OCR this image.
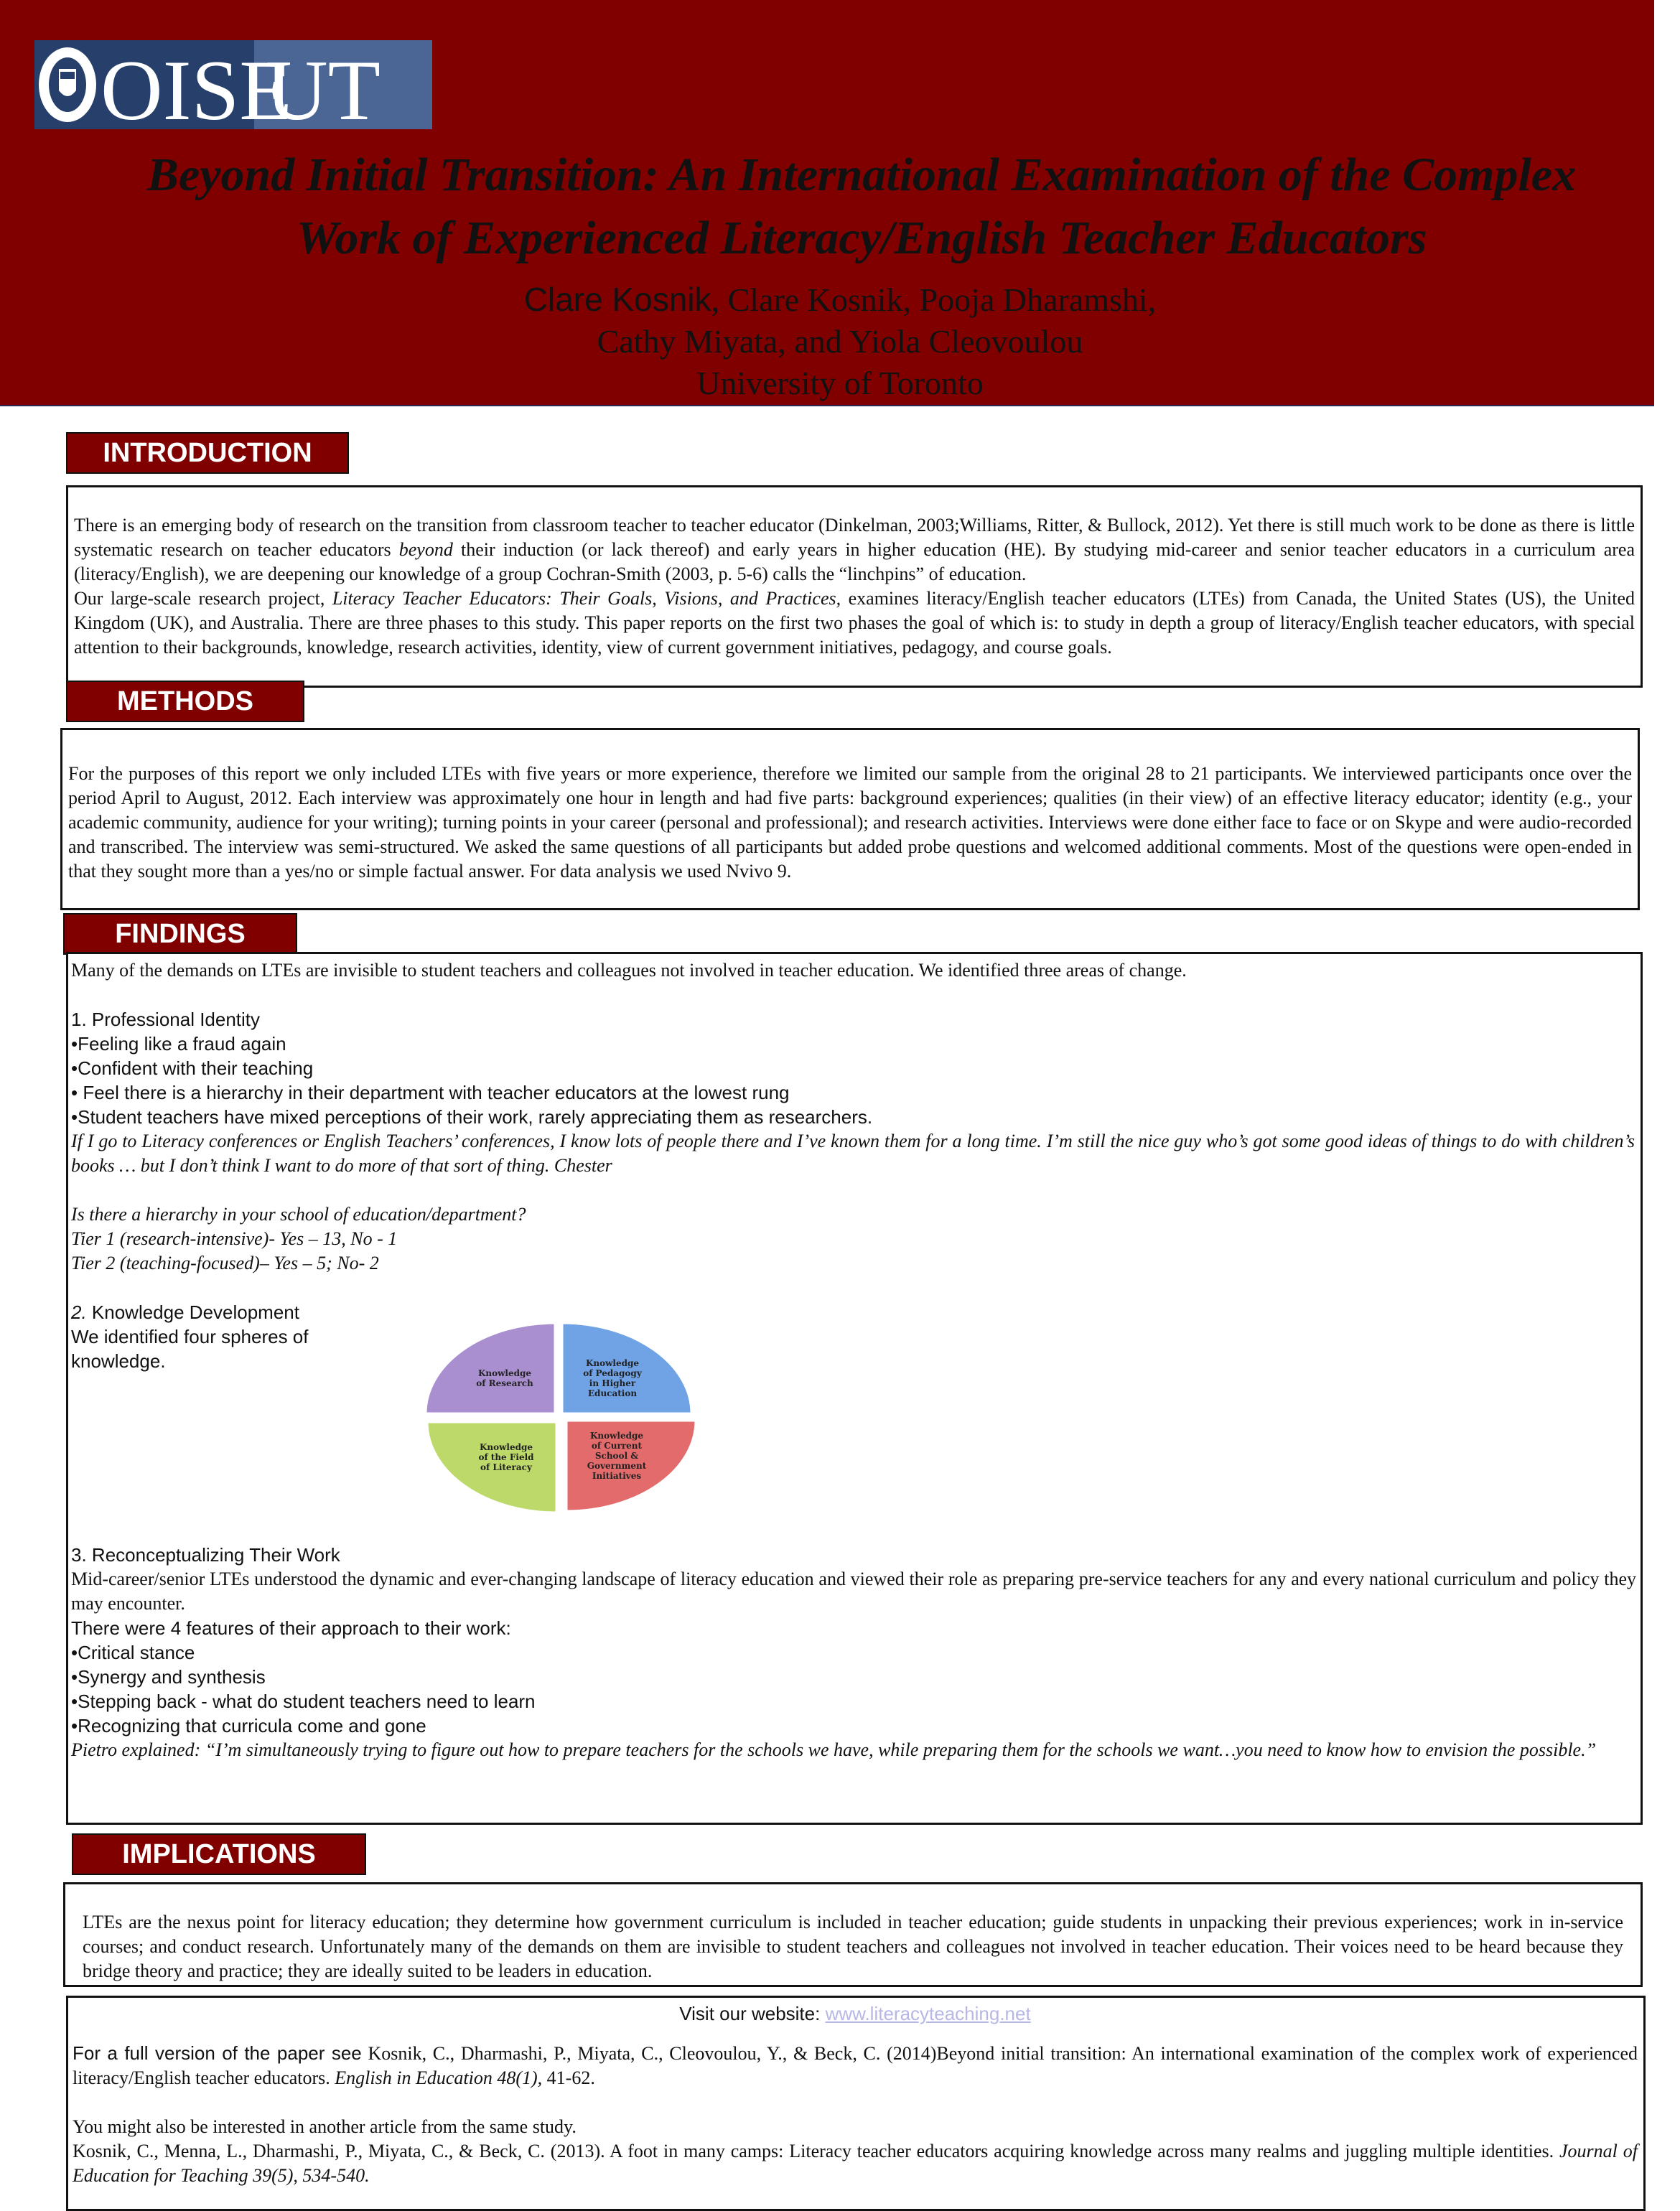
OISE
UT
Beyond Initial Transition: An International Examination of the Complex
Work of Experienced Literacy/English Teacher Educators
Clare Kosnik, Clare Kosnik, Pooja Dharamshi,
Cathy Miyata, and Yiola Cleovoulou
University of Toronto
INTRODUCTION

There is an emerging body of research on the transition from classroom teacher to teacher educator (Dinkelman, 2003;Williams, Ritter, & Bullock, 2012). Yet there is still much work to be done as there is little systematic research on teacher educators beyond their induction (or lack thereof) and early years in higher education (HE). By studying mid-career and senior teacher educators in a curriculum area (literacy/English), we are deepening our knowledge of a group Cochran-Smith (2003, p. 5-6) calls the “linchpins” of education.

Our large-scale research project, Literacy Teacher Educators: Their Goals, Visions, and Practices, examines literacy/English teacher educators (LTEs) from Canada, the United States (US), the United Kingdom (UK), and Australia. There are three phases to this study. This paper reports on the first two phases the goal of which is: to study in depth a group of literacy/English teacher educators, with special attention to their backgrounds, knowledge, research activities, identity, view of current government initiatives, pedagogy, and course goals.

METHODS

For the purposes of this report we only included LTEs with five years or more experience, therefore we limited our sample from the original 28 to 21 participants. We interviewed participants once over the period April to August, 2012. Each interview was approximately one hour in length and had five parts: background experiences; qualities (in their view) of an effective literacy educator; identity (e.g., your academic community, audience for your writing); turning points in your career (personal and professional); and research activities. Interviews were done either face to face or on Skype and were audio-recorded and transcribed. The interview was semi-structured. We asked the same questions of all participants but added probe questions and welcomed additional comments. Most of the questions were open-ended in that they sought more than a yes/no or simple factual answer. For data analysis we used Nvivo 9.

FINDINGS

Many of the demands on LTEs are invisible to student teachers and colleagues not involved in teacher education. We identified three areas of change.

1. Professional Identity

•Feeling like a fraud again

•Confident with their teaching

• Feel there is a hierarchy in their department with teacher educators at the lowest rung

•Student teachers have mixed perceptions of their work, rarely appreciating them as researchers.

If I go to Literacy conferences or English Teachers’ conferences, I know lots of people there and I’ve known them for a long time. I’m still the nice guy who’s got some good ideas of things to do with children’s books … but I don’t think I want to do more of that sort of thing. Chester

Is there a hierarchy in your school of education/department?

Tier 1 (research-intensive)- Yes – 13, No - 1

Tier 2 (teaching-focused)– Yes – 5; No- 2

2. Knowledge Development

We identified four spheres of knowledge.	Knowledge of Pedagogy in Higher Education
Knowledge of Current School & Government Initiatives
Knowledge of the Field of Literacy
Knowledge of Research

3. Reconceptualizing Their Work

Mid-career/senior LTEs understood the dynamic and ever-changing landscape of literacy education and viewed their role as preparing pre-service teachers for any and every national curriculum and policy they may encounter.

There were 4 features of their approach to their work:

•Critical stance

•Synergy and synthesis

•Stepping back - what do student teachers need to learn

•Recognizing that curricula come and gone

Pietro explained: “I’m simultaneously trying to figure out how to prepare teachers for the schools we have, while preparing them for the schools we want…you need to know how to envision the possible.”

IMPLICATIONS

LTEs are the nexus point for literacy education; they determine how government curriculum is included in teacher education; guide students in unpacking their previous experiences; work in in-service courses; and conduct research. Unfortunately many of the demands on them are invisible to student teachers and colleagues not involved in teacher education. Their voices need to be heard because they bridge theory and practice; they are ideally suited to be leaders in education.

Visit our website: www.literacyteaching.net

For a full version of the paper see Kosnik, C., Dharmashi, P., Miyata, C., Cleovoulou, Y., & Beck, C. (2014)Beyond initial transition: An international examination of the complex work of experienced literacy/English teacher educators. English in Education 48(1), 41-62.

You might also be interested in another article from the same study.

Kosnik, C., Menna, L., Dharmashi, P., Miyata, C., & Beck, C. (2013). A foot in many camps: Literacy teacher educators acquiring knowledge across many realms and juggling multiple identities. Journal of Education for Teaching 39(5), 534-540.
